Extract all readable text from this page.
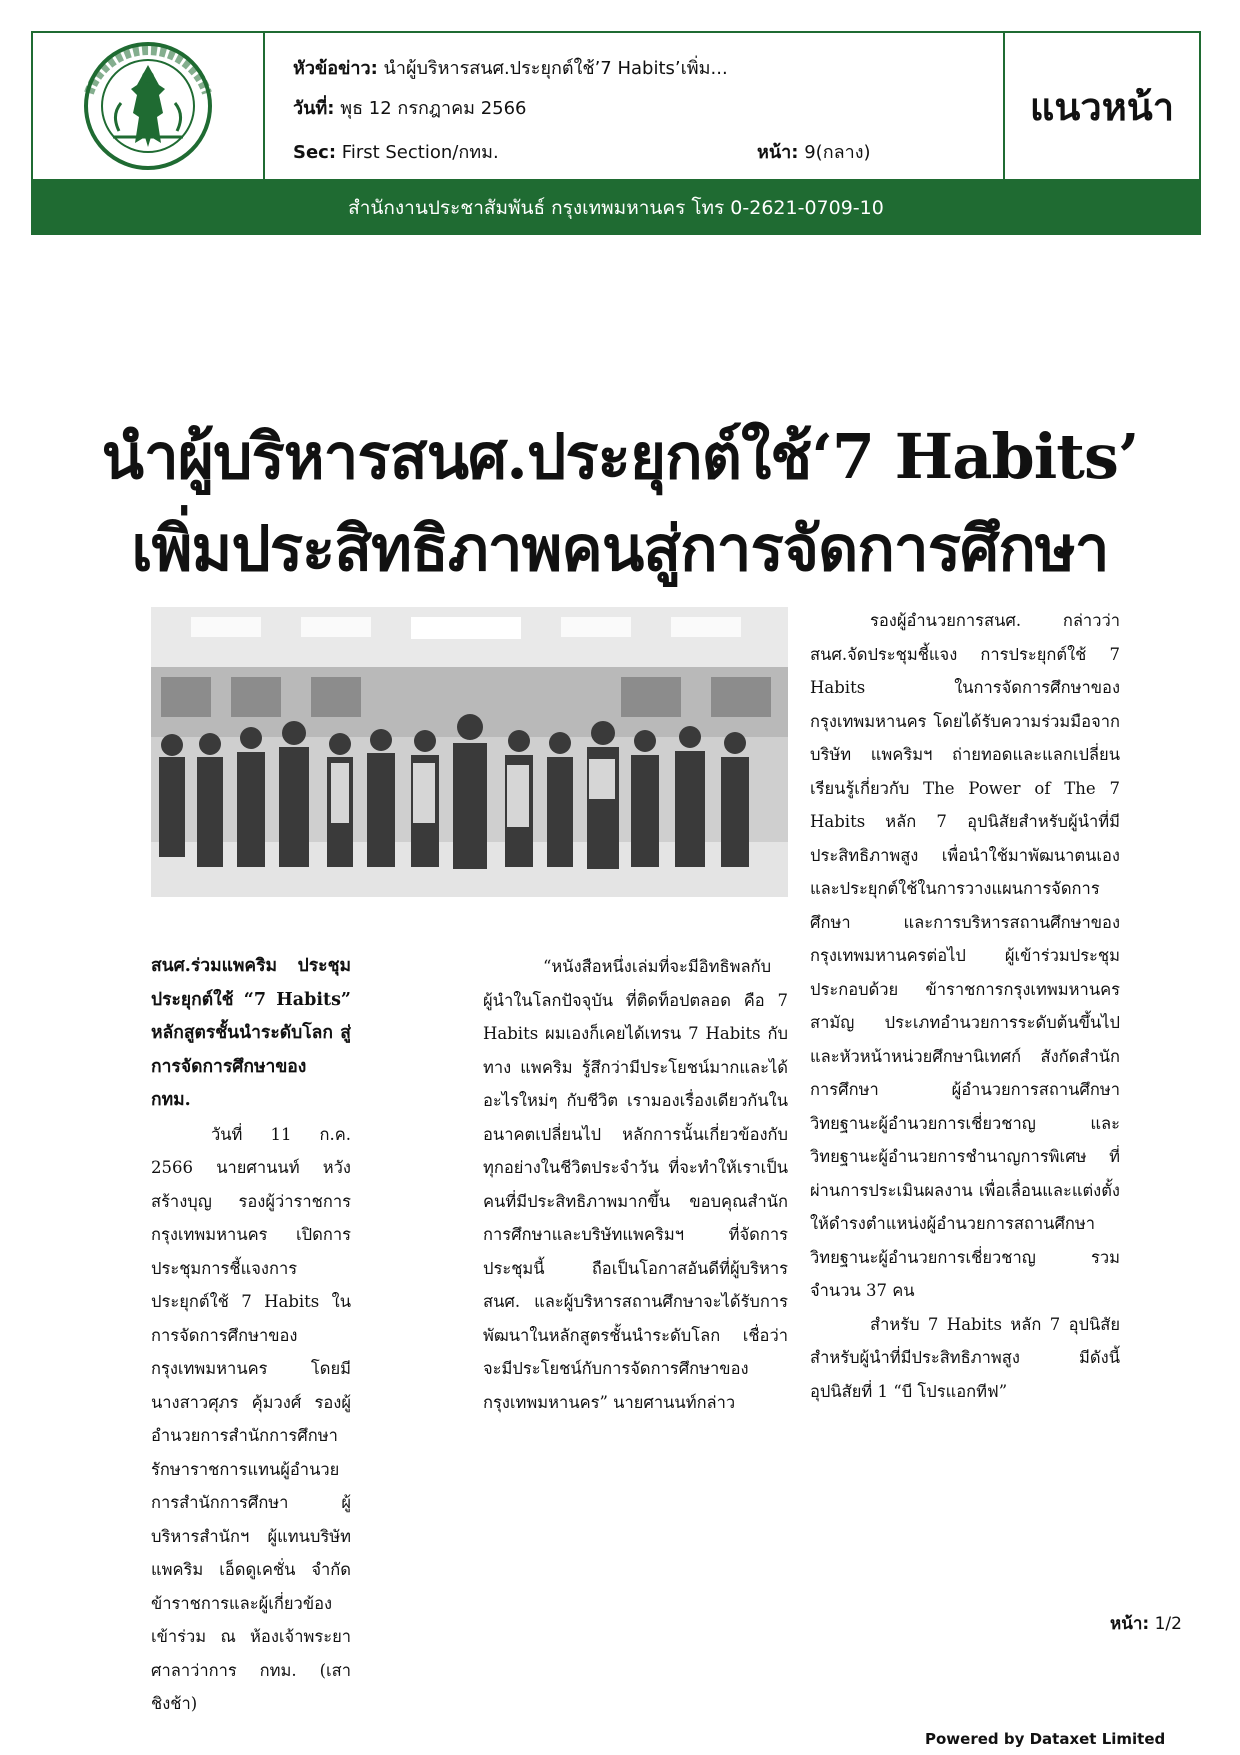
หัวข้อข่าว: นำผู้บริหารสนศ.ประยุกต์ใช้’7 Habits’เพิ่ม...
วันที่: พุธ 12 กรกฎาคม 2566
Sec: First Section/กทม.	หน้า: 9(กลาง)
แนวหน้า
สำนักงานประชาสัมพันธ์ กรุงเทพมหานคร โทร 0-2621-0709-10
นำผู้บริหารสนศ.ประยุกต์ใช้‘7 Habits’
เพิ่มประสิทธิภาพคนสู่การจัดการศึกษา

สนศ.ร่วมแพคริม ประชุมประยุกต์ใช้ “7 Habits” หลักสูตรชั้นนำระดับโลก สู่การจัดการศึกษาของ กทม.

วันที่ 11 ก.ค. 2566 นายศานนท์ หวังสร้างบุญ รองผู้ว่าราชการกรุงเทพมหานคร เปิดการประชุมการชี้แจงการประยุกต์ใช้ 7 Habits ในการจัดการศึกษาของกรุงเทพมหานคร โดยมี นางสาวศุภร คุ้มวงศ์ รองผู้อำนวยการสำนักการศึกษา รักษาราชการแทนผู้อำนวยการสำนักการศึกษา ผู้บริหารสำนักฯ ผู้แทนบริษัท แพคริม เอ็ดดูเคชั่น จำกัด ข้าราชการและผู้เกี่ยวข้องเข้าร่วม ณ ห้องเจ้าพระยา ศาลาว่าการ กทม. (เสาชิงช้า)

“หนังสือหนึ่งเล่มที่จะมีอิทธิพลกับผู้นำในโลกปัจจุบัน ที่ติดท็อปตลอด คือ 7 Habits ผมเองก็เคยได้เทรน 7 Habits กับทาง แพคริม รู้สึกว่ามีประโยชน์มากและได้อะไรใหม่ๆ กับชีวิต เรามองเรื่องเดียวกันในอนาคตเปลี่ยนไป หลักการนั้นเกี่ยวข้องกับทุกอย่างในชีวิตประจำวัน ที่จะทำให้เราเป็นคนที่มีประสิทธิภาพมากขึ้น ขอบคุณสำนักการศึกษาและบริษัทแพคริมฯ ที่จัดการประชุมนี้ ถือเป็นโอกาสอันดีที่ผู้บริหาร สนศ. และผู้บริหารสถานศึกษาจะได้รับการพัฒนาในหลักสูตรชั้นนำระดับโลก เชื่อว่าจะมีประโยชน์กับการจัดการศึกษาของกรุงเทพมหานคร” นายศานนท์กล่าว

รองผู้อำนวยการสนศ. กล่าวว่า สนศ.จัดประชุมชี้แจง การประยุกต์ใช้ 7 Habits ในการจัดการศึกษาของกรุงเทพมหานคร โดยได้รับความร่วมมือจากบริษัท แพคริมฯ ถ่ายทอดและแลกเปลี่ยนเรียนรู้เกี่ยวกับ The Power of The 7 Habits หลัก 7 อุปนิสัยสำหรับผู้นำที่มีประสิทธิภาพสูง เพื่อนำใช้มาพัฒนาตนเองและประยุกต์ใช้ในการวางแผนการจัดการศึกษา และการบริหารสถานศึกษาของกรุงเทพมหานครต่อไป ผู้เข้าร่วมประชุมประกอบด้วย ข้าราชการกรุงเทพมหานครสามัญ ประเภทอำนวยการระดับต้นขึ้นไป และหัวหน้าหน่วยศึกษานิเทศก์ สังกัดสำนักการศึกษา ผู้อำนวยการสถานศึกษา วิทยฐานะผู้อำนวยการเชี่ยวชาญ และวิทยฐานะผู้อำนวยการชำนาญการพิเศษ ที่ผ่านการประเมินผลงาน เพื่อเลื่อนและแต่งตั้งให้ดำรงตำแหน่งผู้อำนวยการสถานศึกษา วิทยฐานะผู้อำนวยการเชี่ยวชาญ รวมจำนวน 37 คน

สำหรับ 7 Habits หลัก 7 อุปนิสัยสำหรับผู้นำที่มีประสิทธิภาพสูง มีดังนี้ อุปนิสัยที่ 1 “บี โปรแอกทีฟ”

หน้า: 1/2
Powered by Dataxet Limited
